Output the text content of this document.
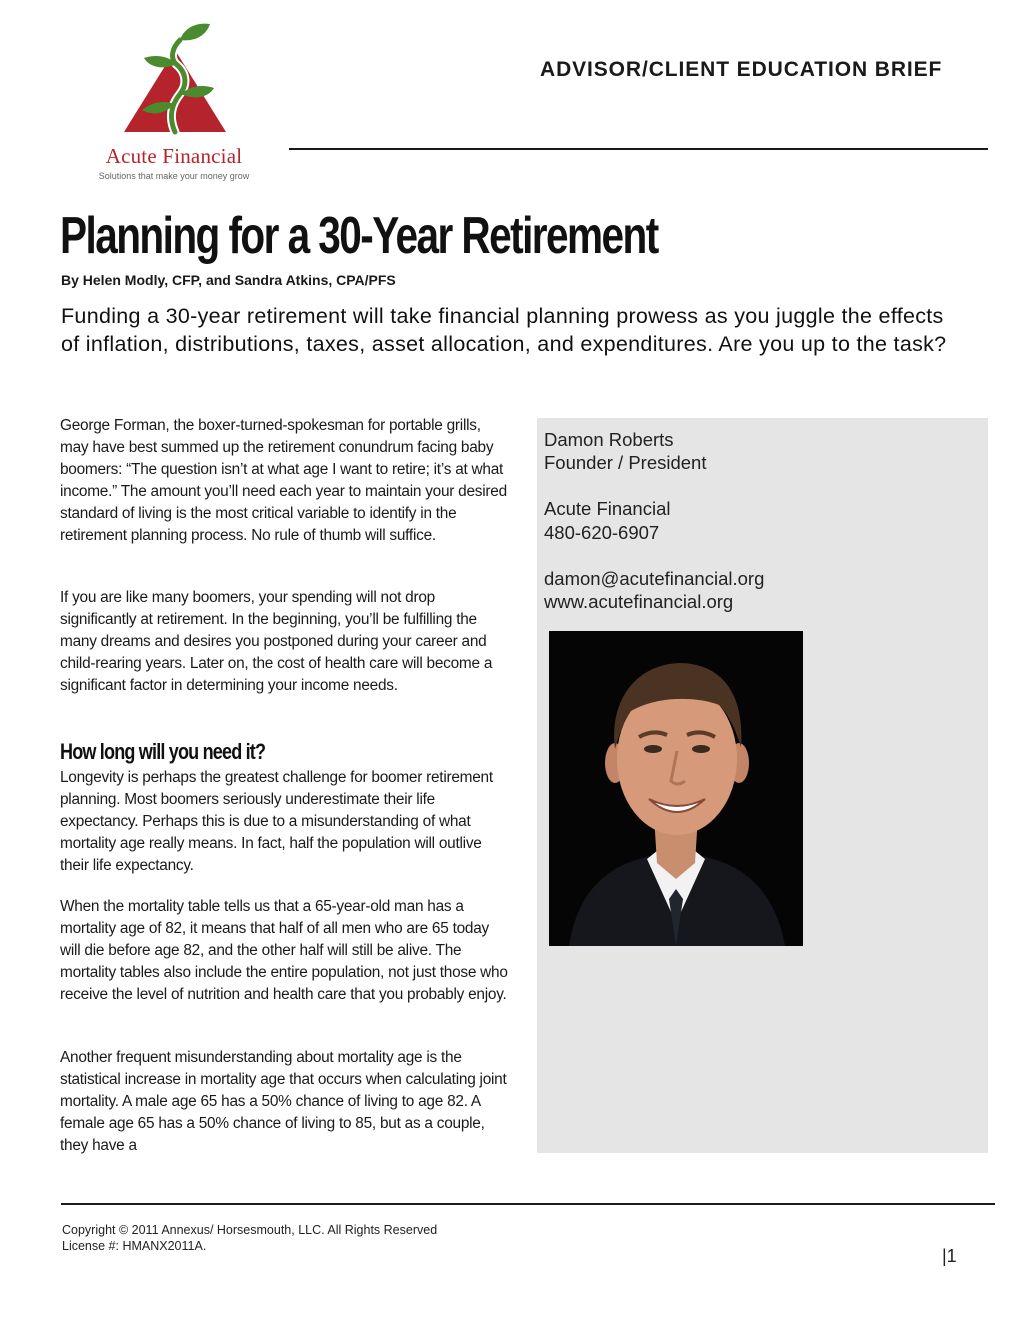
Acute Financial
Solutions that make your money grow
ADVISOR/CLIENT EDUCATION BRIEF
Planning for a 30-Year Retirement
By Helen Modly, CFP, and Sandra Atkins, CPA/PFS
Funding a 30-year retirement will take financial planning prowess as you juggle the effects of inflation, distributions, taxes, asset allocation, and expenditures. Are you up to the task?

George Forman, the boxer-turned-spokesman for portable grills, may have best summed up the retirement conundrum facing baby boomers: “The question isn’t at what age I want to retire; it’s at what income.” The amount you’ll need each year to maintain your desired standard of living is the most critical variable to identify in the retirement planning process. No rule of thumb will suffice.

If you are like many boomers, your spending will not drop significantly at retirement. In the beginning, you’ll be fulfilling the many dreams and desires you postponed during your career and child-rearing years. Later on, the cost of health care will become a significant factor in determining your income needs.

How long will you need it?

Longevity is perhaps the greatest challenge for boomer retirement planning. Most boomers seriously underestimate their life expectancy. Perhaps this is due to a misunderstanding of what mortality age really means. In fact, half the population will outlive their life expectancy.

When the mortality table tells us that a 65-year-old man has a mortality age of 82, it means that half of all men who are 65 today will die before age 82, and the other half will still be alive. The mortality tables also include the entire population, not just those who receive the level of nutrition and health care that you probably enjoy.

Another frequent misunderstanding about mortality age is the statistical increase in mortality age that occurs when calculating joint mortality. A male age 65 has a 50% chance of living to age 82. A female age 65 has a 50% chance of living to 85, but as a couple, they have a

Damon Roberts
Founder / President
Acute Financial
480-620-6907
damon@acutefinancial.org
www.acutefinancial.org
Copyright © 2011 Annexus/ Horsesmouth, LLC. All Rights Reserved
License #: HMANX2011A.	|1
